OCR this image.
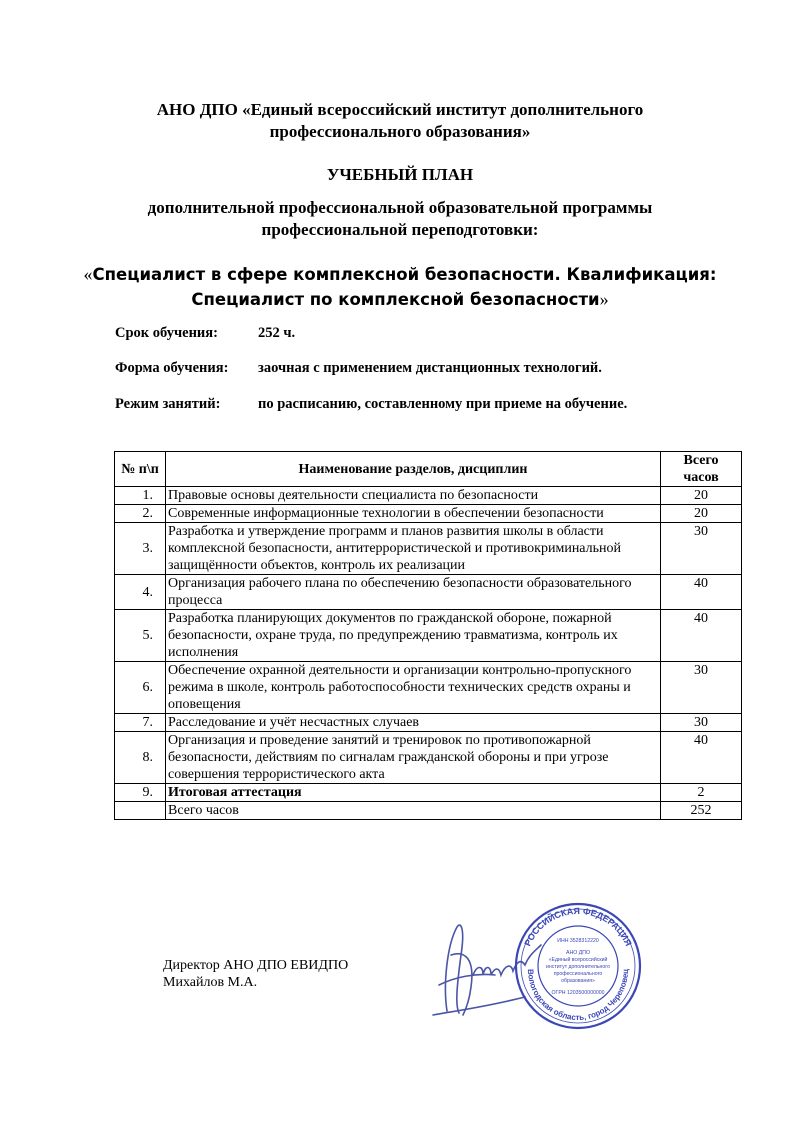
АНО ДПО «Единый всероссийский институт дополнительного
профессионального образования»
УЧЕБНЫЙ ПЛАН
дополнительной профессиональной образовательной программы
профессиональной переподготовки:
«Специалист в сфере комплексной безопасности. Квалификация:
Специалист по комплексной безопасности»
Срок обучения:	252 ч.
Форма обучения: заочная с применением дистанционных технологий.
Режим занятий:	по расписанию, составленному при приеме на обучение.
№ п\п	Наименование разделов, дисциплин	Всего
часов

1.	Правовые основы деятельности специалиста по безопасности	20
2.	Современные информационные технологии в обеспечении безопасности	20
3.	Разработка и утверждение программ и планов развития школы в области комплексной безопасности, антитеррористической и противокриминальной защищённости объектов, контроль их реализации	30
4.	Организация рабочего плана по обеспечению безопасности образовательного процесса	40
5.	Разработка планирующих документов по гражданской обороне, пожарной безопасности, охране труда, по предупреждению травматизма, контроль их исполнения	40
6.	Обеспечение охранной деятельности и организации контрольно-пропускного режима в школе, контроль работоспособности технических средств охраны и оповещения	30
7.	Расследование и учёт несчастных случаев	30
8.	Организация и проведение занятий и тренировок по противопожарной безопасности, действиям по сигналам гражданской обороны и при угрозе совершения террористического акта	40
9.	Итоговая аттестация	2
	Всего часов	252
Директор АНО ДПО ЕВИДПО
Михайлов М.А.
РОССИЙСКАЯ ФЕДЕРАЦИЯ
Вологодская область, город Череповец
ИНН 3528312220
АНО ДПО
«Единый всероссийский
институт дополнительного
профессионального
образования»
ОГРН 1203500000000
